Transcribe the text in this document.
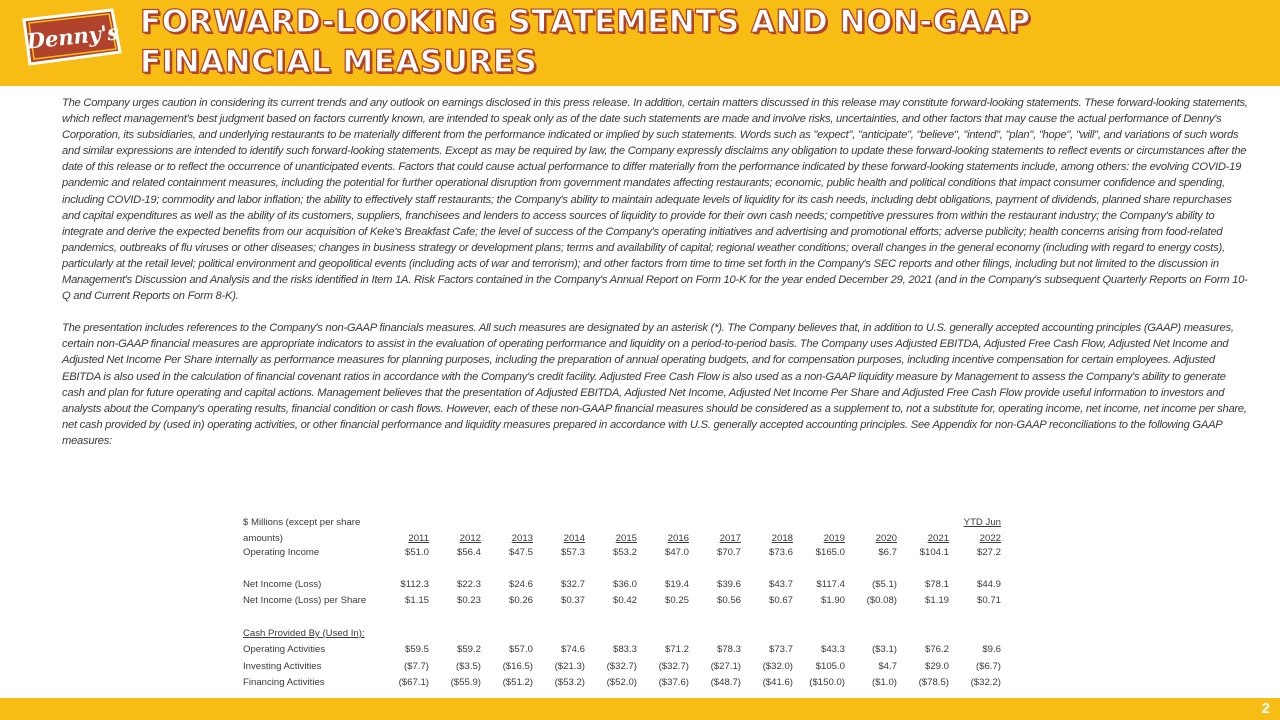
Denny's FORWARD-LOOKING STATEMENTS AND NON-GAAP
FINANCIAL MEASURES

The Company urges caution in considering its current trends and any outlook on earnings disclosed in this press release. In addition, certain matters discussed in this release may constitute forward-looking statements. These forward-looking statements, which reflect management's best judgment based on factors currently known, are intended to speak only as of the date such statements are made and involve risks, uncertainties, and other factors that may cause the actual performance of Denny's Corporation, its subsidiaries, and underlying restaurants to be materially different from the performance indicated or implied by such statements. Words such as "expect", "anticipate", "believe", "intend", "plan", "hope", "will", and variations of such words and similar expressions are intended to identify such forward-looking statements. Except as may be required by law, the Company expressly disclaims any obligation to update these forward-looking statements to reflect events or circumstances after the date of this release or to reflect the occurrence of unanticipated events. Factors that could cause actual performance to differ materially from the performance indicated by these forward-looking statements include, among others: the evolving COVID-19 pandemic and related containment measures, including the potential for further operational disruption from government mandates affecting restaurants; economic, public health and political conditions that impact consumer confidence and spending, including COVID-19; commodity and labor inflation; the ability to effectively staff restaurants; the Company's ability to maintain adequate levels of liquidity for its cash needs, including debt obligations, payment of dividends, planned share repurchases and capital expenditures as well as the ability of its customers, suppliers, franchisees and lenders to access sources of liquidity to provide for their own cash needs; competitive pressures from within the restaurant industry; the Company's ability to integrate and derive the expected benefits from our acquisition of Keke's Breakfast Cafe; the level of success of the Company's operating initiatives and advertising and promotional efforts; adverse publicity; health concerns arising from food-related pandemics, outbreaks of flu viruses or other diseases; changes in business strategy or development plans; terms and availability of capital; regional weather conditions; overall changes in the general economy (including with regard to energy costs), particularly at the retail level; political environment and geopolitical events (including acts of war and terrorism); and other factors from time to time set forth in the Company's SEC reports and other filings, including but not limited to the discussion in Management's Discussion and Analysis and the risks identified in Item 1A. Risk Factors contained in the Company's Annual Report on Form 10-K for the year ended December 29, 2021 (and in the Company's subsequent Quarterly Reports on Form 10-Q and Current Reports on Form 8-K).

The presentation includes references to the Company's non-GAAP financials measures. All such measures are designated by an asterisk (*). The Company believes that, in addition to U.S. generally accepted accounting principles (GAAP) measures, certain non-GAAP financial measures are appropriate indicators to assist in the evaluation of operating performance and liquidity on a period-to-period basis. The Company uses Adjusted EBITDA, Adjusted Free Cash Flow, Adjusted Net Income and Adjusted Net Income Per Share internally as performance measures for planning purposes, including the preparation of annual operating budgets, and for compensation purposes, including incentive compensation for certain employees. Adjusted EBITDA is also used in the calculation of financial covenant ratios in accordance with the Company's credit facility. Adjusted Free Cash Flow is also used as a non-GAAP liquidity measure by Management to assess the Company's ability to generate cash and plan for future operating and capital actions. Management believes that the presentation of Adjusted EBITDA, Adjusted Net Income, Adjusted Net Income Per Share and Adjusted Free Cash Flow provide useful information to investors and analysts about the Company's operating results, financial condition or cash flows. However, each of these non-GAAP financial measures should be considered as a supplement to, not a substitute for, operating income, net income, net income per share, net cash provided by (used in) operating activities, or other financial performance and liquidity measures prepared in accordance with U.S. generally accepted accounting principles. See Appendix for non-GAAP reconciliations to the following GAAP measures:

$ Millions (except per share												YTD Jun
amounts)	2011	2012	2013	2014	2015	2016	2017	2018	2019	2020	2021	2022
Operating Income	$51.0	$56.4	$47.5	$57.3	$53.2	$47.0	$70.7	$73.6	$165.0	$6.7	$104.1	$27.2

Net Income (Loss)	$112.3	$22.3	$24.6	$32.7	$36.0	$19.4	$39.6	$43.7	$117.4	($5.1)	$78.1	$44.9
Net Income (Loss) per Share	$1.15	$0.23	$0.26	$0.37	$0.42	$0.25	$0.56	$0.67	$1.90	($0.08)	$1.19	$0.71

Cash Provided By (Used In):												
Operating Activities	$59.5	$59.2	$57.0	$74.6	$83.3	$71.2	$78.3	$73.7	$43.3	($3.1)	$76.2	$9.6
Investing Activities	($7.7)	($3.5)	($16.5)	($21.3)	($32.7)	($32.7)	($27.1)	($32.0)	$105.0	$4.7	$29.0	($6.7)
Financing Activities	($67.1)	($55.9)	($51.2)	($53.2)	($52.0)	($37.6)	($48.7)	($41.6)	($150.0)	($1.0)	($78.5)	($32.2)
2
